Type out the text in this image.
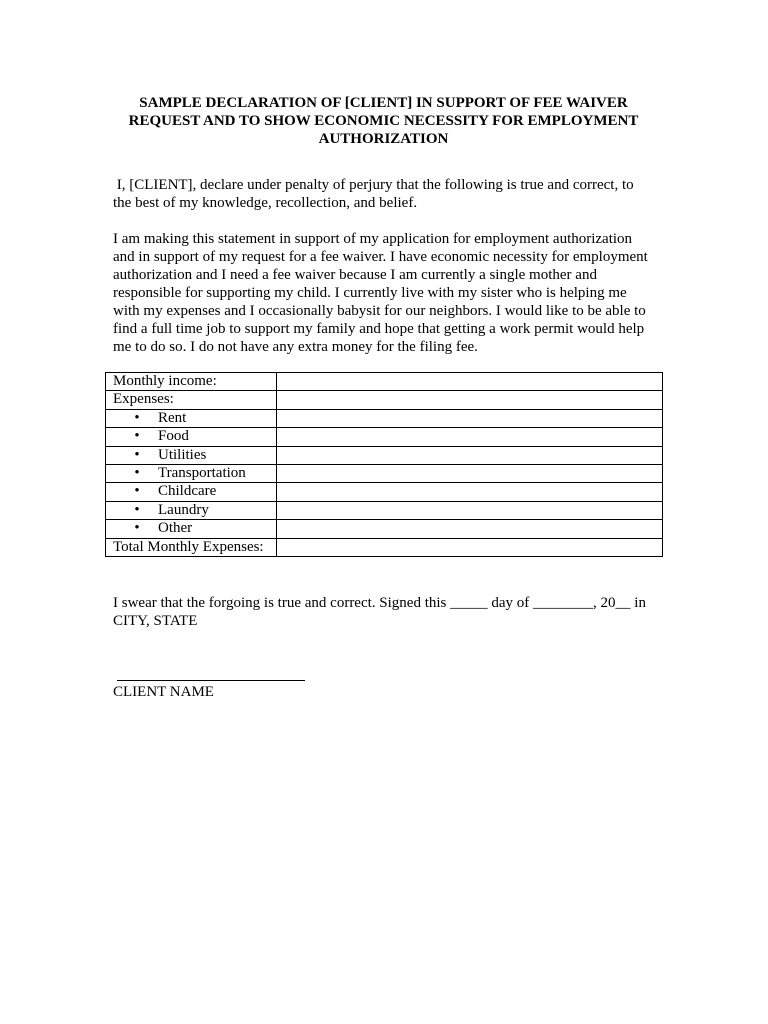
SAMPLE DECLARATION OF [CLIENT] IN SUPPORT OF FEE WAIVER
REQUEST AND TO SHOW ECONOMIC NECESSITY FOR EMPLOYMENT
AUTHORIZATION
I, [CLIENT], declare under penalty of perjury that the following is true and correct, to
the best of my knowledge, recollection, and belief.
I am making this statement in support of my application for employment authorization
and in support of my request for a fee waiver. I have economic necessity for employment
authorization and I need a fee waiver because I am currently a single mother and
responsible for supporting my child. I currently live with my sister who is helping me
with my expenses and I occasionally babysit for our neighbors. I would like to be able to
find a full time job to support my family and hope that getting a work permit would help
me to do so. I do not have any extra money for the filing fee.
Monthly income:	
Expenses:	
• Rent	
• Food	
• Utilities	
• Transportation	
• Childcare	
• Laundry	
• Other	
Total Monthly Expenses:	
I swear that the forgoing is true and correct. Signed this _____ day of ________, 20__ in
CITY, STATE
CLIENT NAME
